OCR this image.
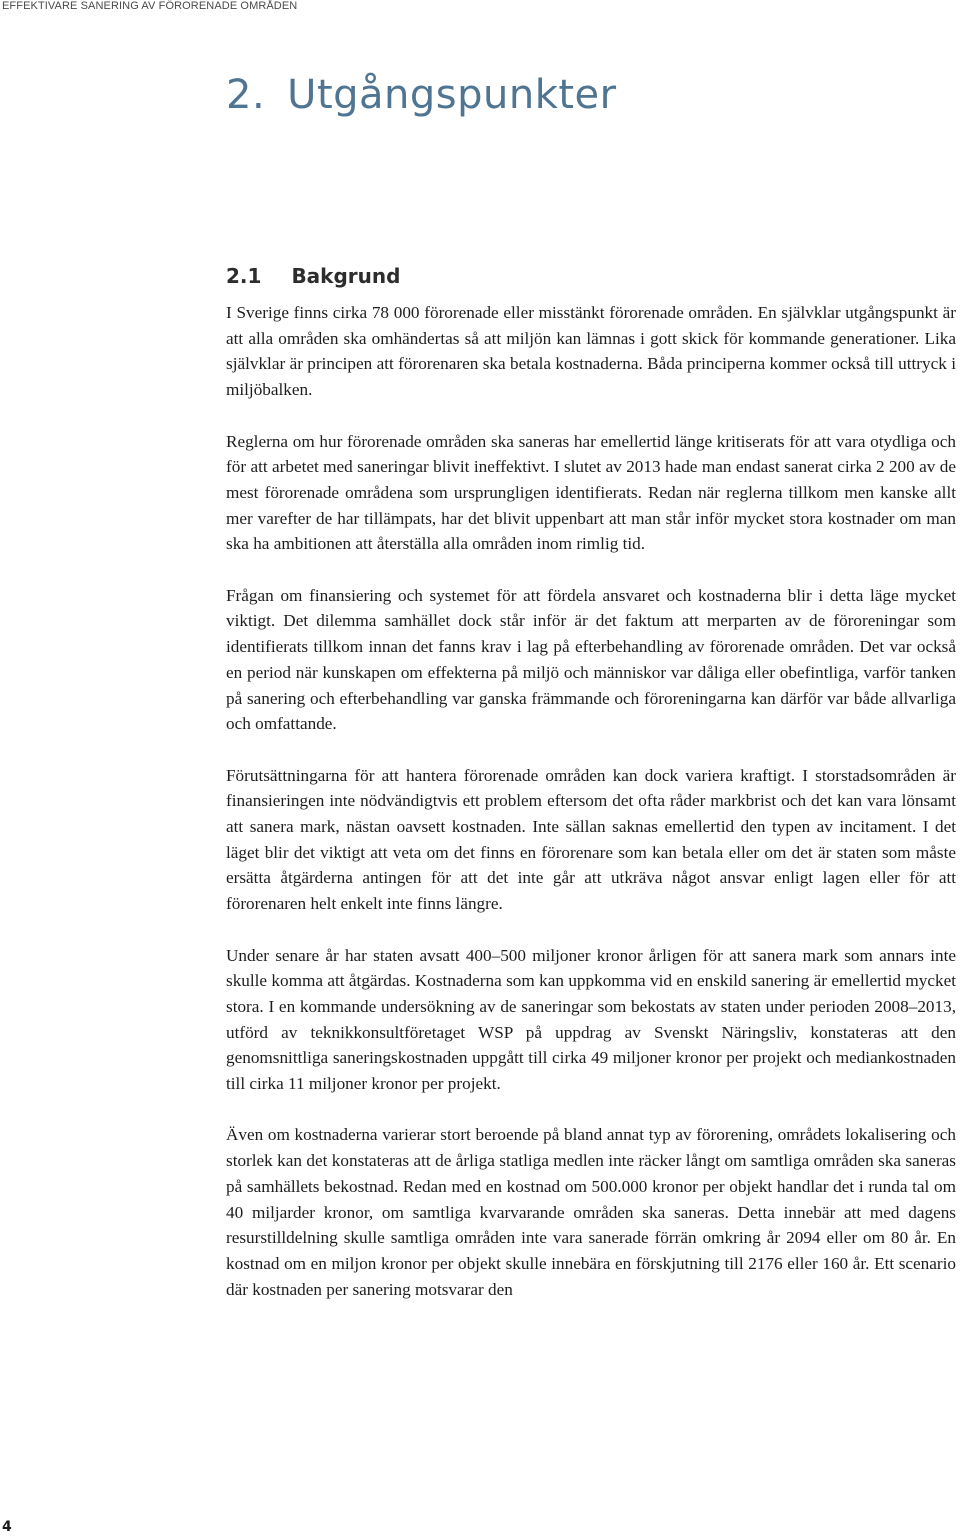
EFFEKTIVARE SANERING AV FÖRORENADE OMRÅDEN
2. Utgångspunkter
2.1 Bakgrund

I Sverige finns cirka 78 000 förorenade eller misstänkt förorenade områden. En självklar utgångspunkt är att alla områden ska omhändertas så att miljön kan lämnas i gott skick för kommande generationer. Lika självklar är principen att förorenaren ska betala kostnaderna. Båda principerna kommer också till uttryck i miljöbalken.

Reglerna om hur förorenade områden ska saneras har emellertid länge kritiserats för att vara otydliga och för att arbetet med saneringar blivit ineffektivt. I slutet av 2013 hade man endast sanerat cirka 2 200 av de mest förorenade områdena som ursprungligen identifierats. Redan när reglerna tillkom men kanske allt mer varefter de har tillämpats, har det blivit uppenbart att man står inför mycket stora kostnader om man ska ha ambitionen att återställa alla områden inom rimlig tid.

Frågan om finansiering och systemet för att fördela ansvaret och kostnaderna blir i detta läge mycket viktigt. Det dilemma samhället dock står inför är det faktum att merparten av de föroreningar som identifierats tillkom innan det fanns krav i lag på efterbehandling av förorenade områden. Det var också en period när kunskapen om effekterna på miljö och människor var dåliga eller obefintliga, varför tanken på sanering och efterbehandling var ganska främmande och föroreningarna kan därför var både allvarliga och omfattande.

Förutsättningarna för att hantera förorenade områden kan dock variera kraftigt. I storstadsområden är finansieringen inte nödvändigtvis ett problem eftersom det ofta råder markbrist och det kan vara lönsamt att sanera mark, nästan oavsett kostnaden. Inte sällan saknas emellertid den typen av incitament. I det läget blir det viktigt att veta om det finns en förorenare som kan betala eller om det är staten som måste ersätta åtgärderna antingen för att det inte går att utkräva något ansvar enligt lagen eller för att förorenaren helt enkelt inte finns längre.

Under senare år har staten avsatt 400–500 miljoner kronor årligen för att sanera mark som annars inte skulle komma att åtgärdas. Kostnaderna som kan uppkomma vid en enskild sanering är emellertid mycket stora. I en kommande undersökning av de saneringar som bekostats av staten under perioden 2008–2013, utförd av teknikkonsultföretaget WSP på uppdrag av Svenskt Näringsliv, konstateras att den genomsnittliga saneringskostnaden uppgått till cirka 49 miljoner kronor per projekt och mediankostnaden till cirka 11 miljoner kronor per projekt.

Även om kostnaderna varierar stort beroende på bland annat typ av förorening, områdets lokalisering och storlek kan det konstateras att de årliga statliga medlen inte räcker långt om samtliga områden ska saneras på samhällets bekostnad. Redan med en kostnad om 500.000 kronor per objekt handlar det i runda tal om 40 miljarder kronor, om samtliga kvarvarande områden ska saneras. Detta innebär att med dagens resurstilldelning skulle samtliga områden inte vara sanerade förrän omkring år 2094 eller om 80 år. En kostnad om en miljon kronor per objekt skulle innebära en förskjutning till 2176 eller 160 år. Ett scenario där kostnaden per sanering motsvarar den

4
